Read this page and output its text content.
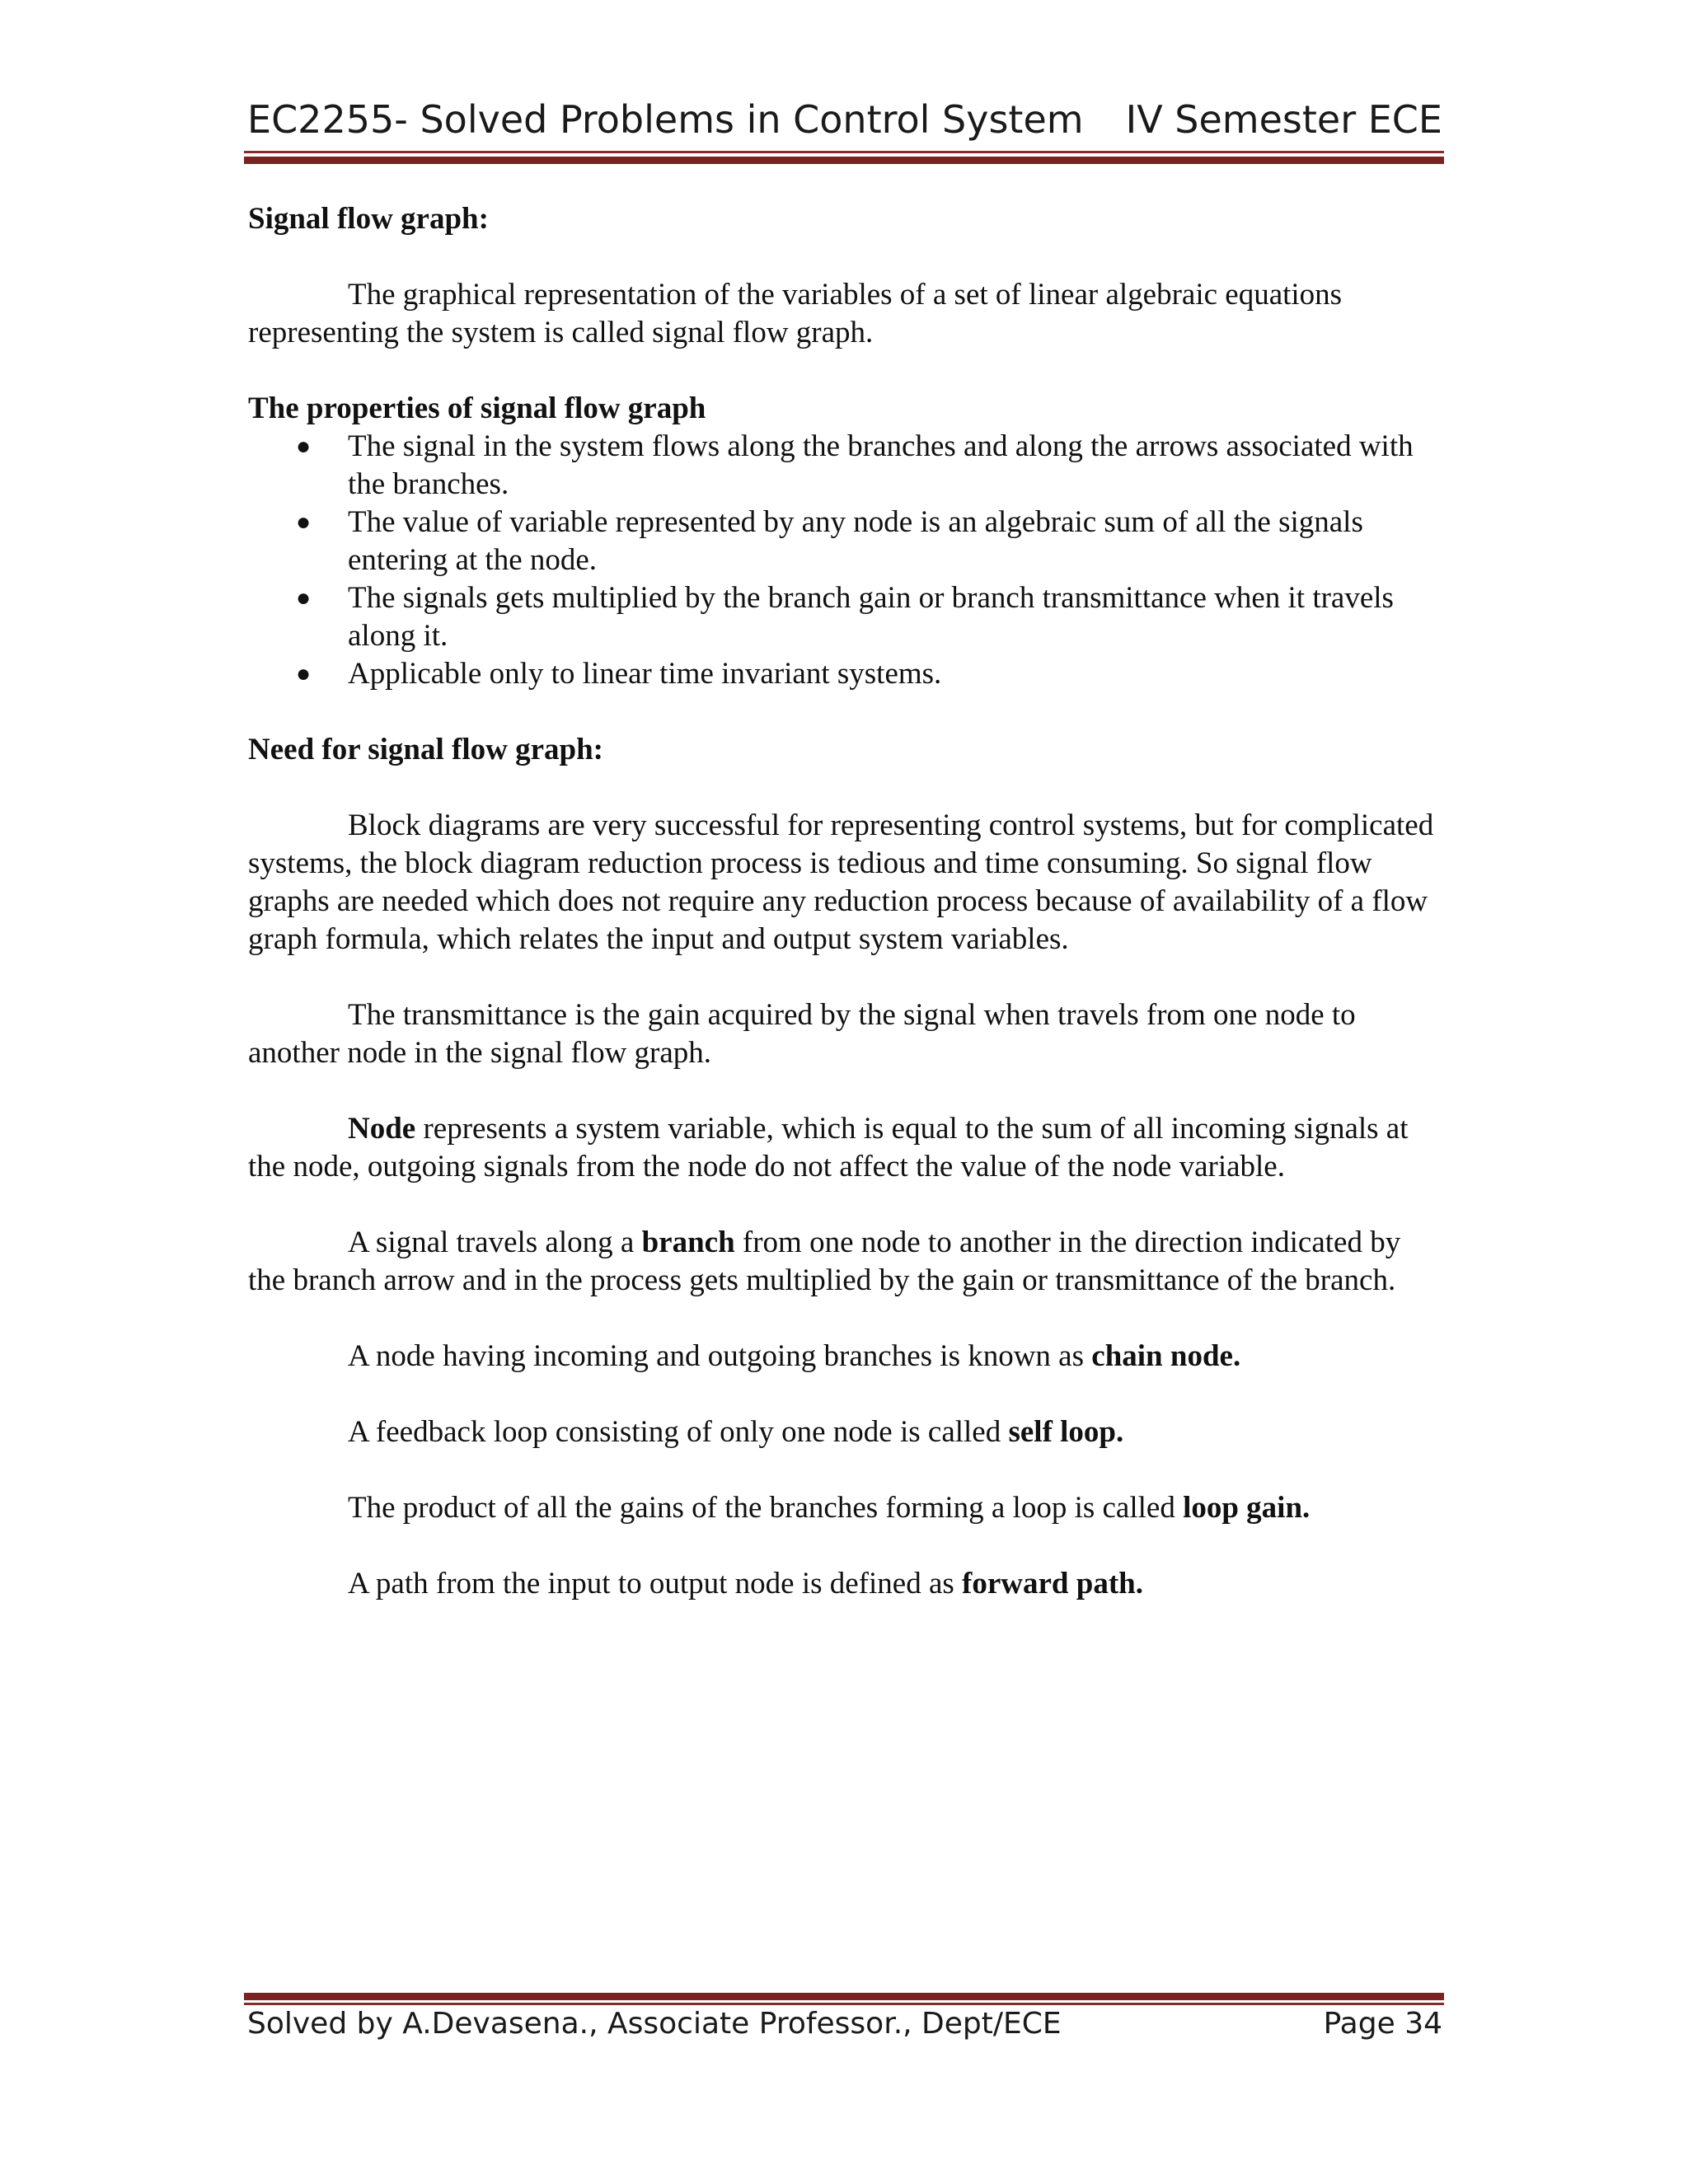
EC2255- Solved Problems in Control System IV Semester ECE

Signal flow graph:

The graphical representation of the variables of a set of linear algebraic equations representing the system is called signal flow graph.

The properties of signal flow graph

● The signal in the system flows along the branches and along the arrows associated with the branches.
● The value of variable represented by any node is an algebraic sum of all the signals entering at the node.
● The signals gets multiplied by the branch gain or branch transmittance when it travels along it.
● Applicable only to linear time invariant systems.

Need for signal flow graph:

Block diagrams are very successful for representing control systems, but for complicated systems, the block diagram reduction process is tedious and time consuming. So signal flow graphs are needed which does not require any reduction process because of availability of a flow graph formula, which relates the input and output system variables.

The transmittance is the gain acquired by the signal when travels from one node to another node in the signal flow graph.

Node represents a system variable, which is equal to the sum of all incoming signals at the node, outgoing signals from the node do not affect the value of the node variable.

A signal travels along a branch from one node to another in the direction indicated by the branch arrow and in the process gets multiplied by the gain or transmittance of the branch.

A node having incoming and outgoing branches is known as chain node.

A feedback loop consisting of only one node is called self loop.

The product of all the gains of the branches forming a loop is called loop gain.

A path from the input to output node is defined as forward path.

Solved by A.Devasena., Associate Professor., Dept/ECE	Page 34
